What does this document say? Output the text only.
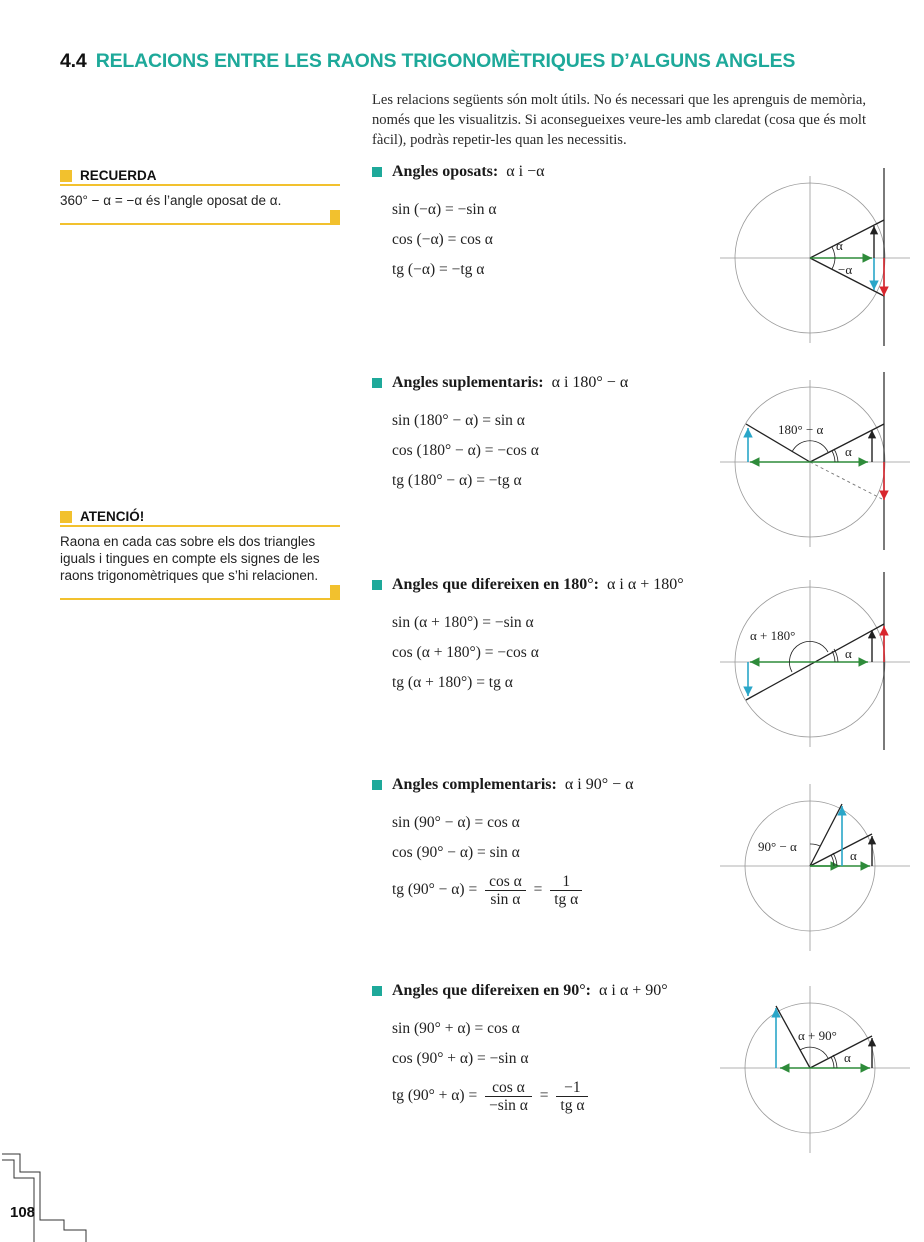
4.4 RELACIONS ENTRE LES RAONS TRIGONOMÈTRIQUES D’ALGUNS ANGLES
Les relacions següents són molt útils. No és necessari que les aprenguis de memòria, només que les visualitzis. Si aconsegueixes veure-les amb claredat (cosa que és molt fàcil), podràs repetir-les quan les necessitis.
RECUERDA
360° − α = −α és l’angle oposat de α.
ATENCIÓ!
Raona en cada cas sobre els dos triangles iguals i tingues en compte els signes de les raons trigonomètriques que s’hi relacionen.
Angles oposats: α i −α
sin (−α) = −sin α
cos (−α) = cos α
tg (−α) = −tg α
Angles suplementaris: α i 180° − α
sin (180° − α) = sin α
cos (180° − α) = −cos α
tg (180° − α) = −tg α
Angles que difereixen en 180°: α i α + 180°
sin (α + 180°) = −sin α
cos (α + 180°) = −cos α
tg (α + 180°) = tg α
Angles complementaris: α i 90° − α
sin (90° − α) = cos α
cos (90° − α) = sin α
tg $(90^\circ - \alpha) = \frac{\text{cos α}}{\text{sin α}} = \frac{1}{\text{tg α}}$
Angles que difereixen en 90°: α i α + 90°
sin (90° + α) = cos α
cos (90° + α) = −sin α
tg $(90^\circ + \alpha) = \frac{\text{cos α}}{\text{−sin α}} = \frac{-1}{\text{tg α}}$
α
−α
180° − α
α
α + 180°
α
90° − α
α
α + 90°
α
108
